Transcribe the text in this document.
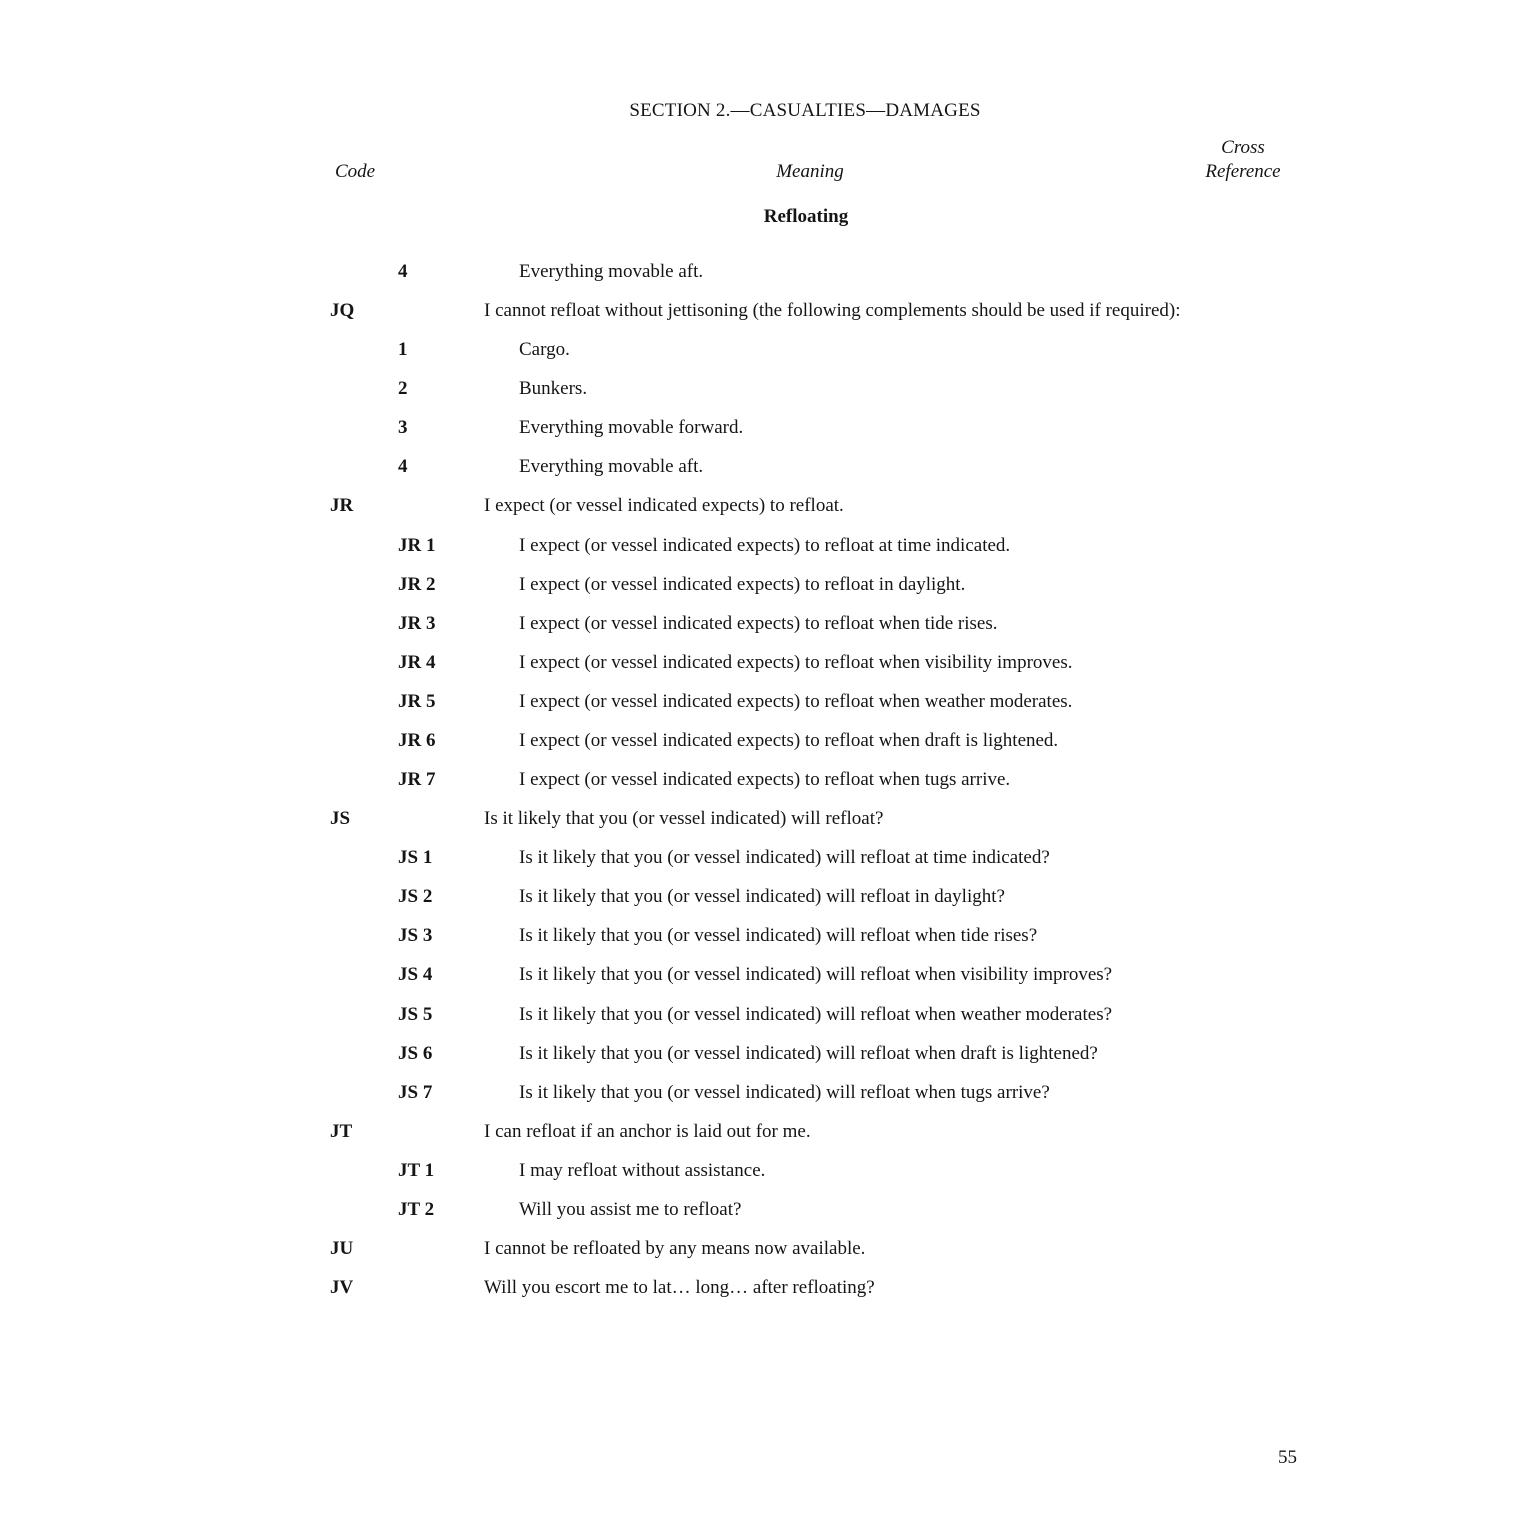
SECTION 2.—CASUALTIES—DAMAGES
Cross
Code	Meaning	Reference
Refloating
4	Everything movable aft.
JQ	I cannot refloat without jettisoning (the following complements should be used if required):
1	Cargo.
2	Bunkers.
3	Everything movable forward.
4	Everything movable aft.
JR	I expect (or vessel indicated expects) to refloat.
JR 1	I expect (or vessel indicated expects) to refloat at time indicated.
JR 2	I expect (or vessel indicated expects) to refloat in daylight.
JR 3	I expect (or vessel indicated expects) to refloat when tide rises.
JR 4	I expect (or vessel indicated expects) to refloat when visibility improves.
JR 5	I expect (or vessel indicated expects) to refloat when weather moderates.
JR 6	I expect (or vessel indicated expects) to refloat when draft is lightened.
JR 7	I expect (or vessel indicated expects) to refloat when tugs arrive.
JS	Is it likely that you (or vessel indicated) will refloat?
JS 1	Is it likely that you (or vessel indicated) will refloat at time indicated?
JS 2	Is it likely that you (or vessel indicated) will refloat in daylight?
JS 3	Is it likely that you (or vessel indicated) will refloat when tide rises?
JS 4	Is it likely that you (or vessel indicated) will refloat when visibility improves?
JS 5	Is it likely that you (or vessel indicated) will refloat when weather moderates?
JS 6	Is it likely that you (or vessel indicated) will refloat when draft is lightened?
JS 7	Is it likely that you (or vessel indicated) will refloat when tugs arrive?
JT	I can refloat if an anchor is laid out for me.
JT 1	I may refloat without assistance.
JT 2	Will you assist me to refloat?
JU	I cannot be refloated by any means now available.
JV	Will you escort me to lat… long… after refloating?
55
